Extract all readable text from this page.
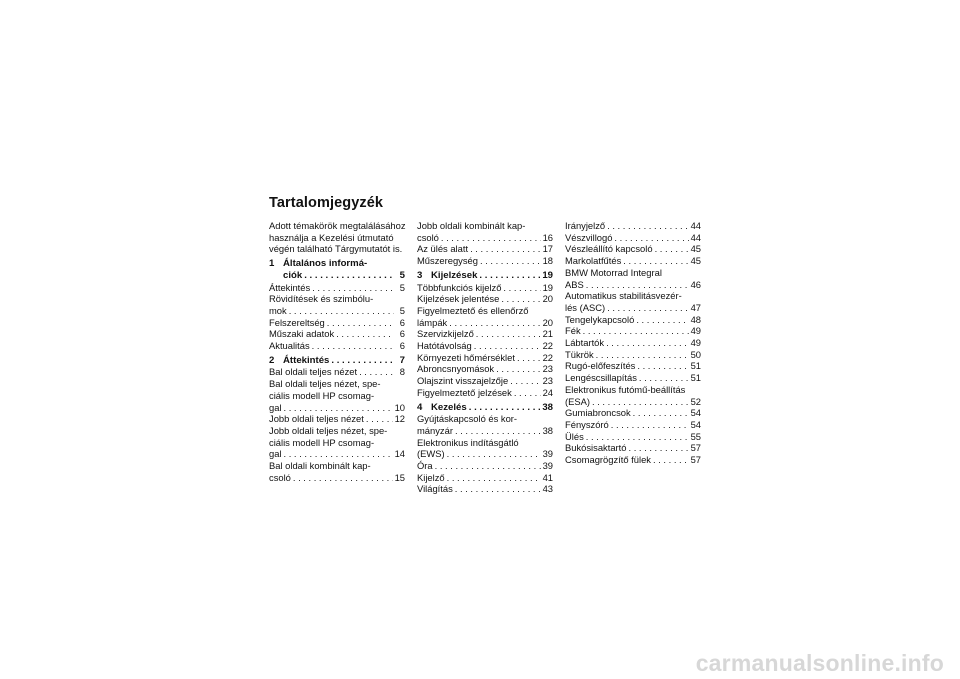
Tartalomjegyzék
Adott témakörök megtalálásához
használja a Kezelési útmutató
végén található Tárgymutatót is.
1 Általános informá-
ciók . . .	5
Áttekintés . . .	5
Rövidítések és szimbólu-
mok . . .	5
Felszereltség . . .	6
Műszaki adatok . . .	6
Aktualitás . . .	6
2 Áttekintés . . .	7
Bal oldali teljes nézet . . .	8
Bal oldali teljes nézet, spe-
ciális modell HP csomag-
gal . . .	10
Jobb oldali teljes nézet . . .	12
Jobb oldali teljes nézet, spe-
ciális modell HP csomag-
gal . . .	14
Bal oldali kombinált kap-
csoló . . .	15
Jobb oldali kombinált kap-
csoló . . .	16
Az ülés alatt . . .	17
Műszeregység . . .	18
3 Kijelzések . . .	19
Többfunkciós kijelző . . .	19
Kijelzések jelentése . . .	20
Figyelmeztető és ellenőrző
lámpák . . .	20
Szervizkijelző . . .	21
Hatótávolság . . .	22
Környezeti hőmérséklet . . .	22
Abroncsnyomások . . .	23
Olajszint visszajelzője . . .	23
Figyelmeztető jelzések . . .	24
4 Kezelés . . .	38
Gyújtáskapcsoló és kor-
mányzár . . .	38
Elektronikus indításgátló
(EWS) . . .	39
Óra . . .	39
Kijelző . . .	41
Világítás . . .	43
Irányjelző . . .	44
Vészvillogó . . .	44
Vészleállító kapcsoló . . .	45
Markolatfűtés . . .	45
BMW Motorrad Integral
ABS . . .	46
Automatikus stabilitásvezér-
lés (ASC) . . .	47
Tengelykapcsoló . . .	48
Fék . . .	49
Lábtartók . . .	49
Tükrök . . .	50
Rugó-előfeszítés . . .	51
Lengéscsillapítás . . .	51
Elektronikus futómű-beállítás
(ESA) . . .	52
Gumiabroncsok . . .	54
Fényszóró . . .	54
Ülés . . .	55
Bukósisaktartó . . .	57
Csomagrögzítő fülek . . .	57
carmanualsonline.info
